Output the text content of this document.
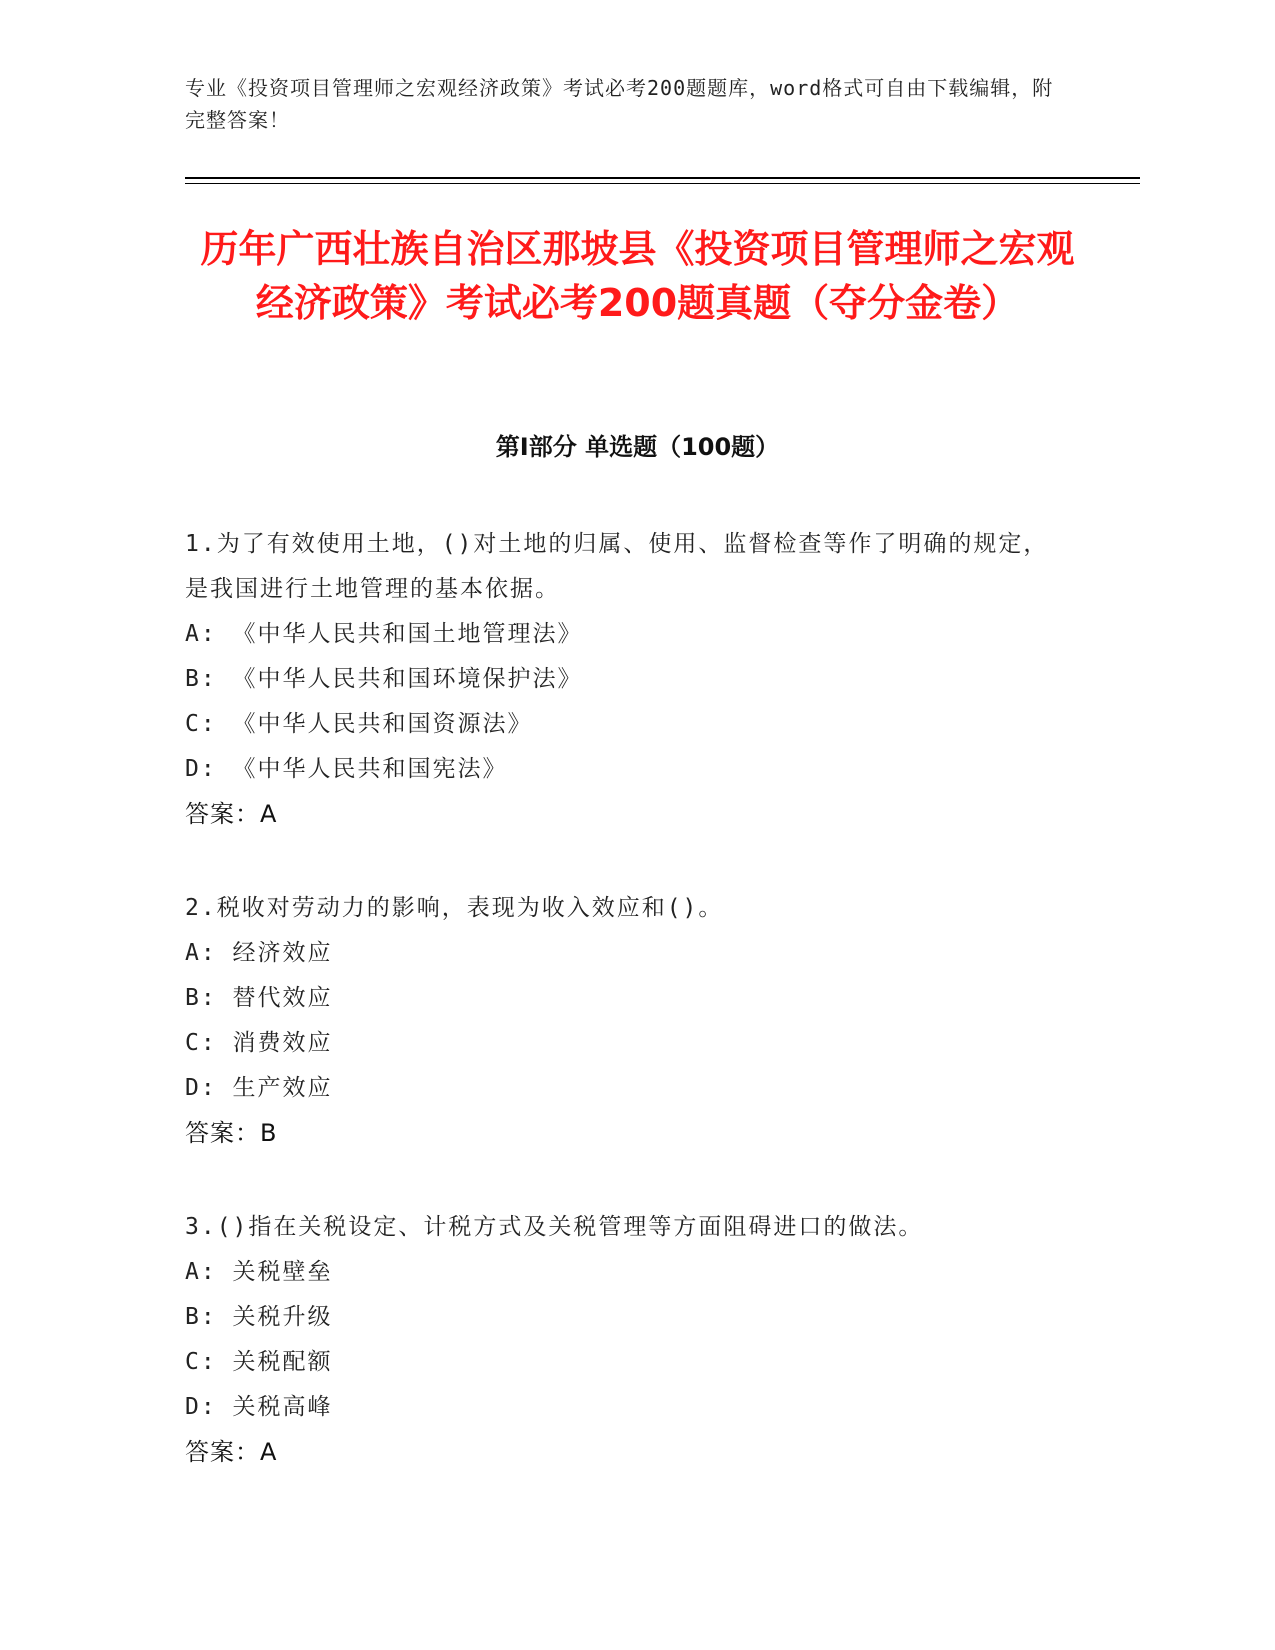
专业《投资项目管理师之宏观经济政策》考试必考200题题库，word格式可自由下载编辑，附完整答案！
历年广西壮族自治区那坡县《投资项目管理师之宏观经济政策》考试必考200题真题（夺分金卷）
第I部分 单选题（100题）
1.为了有效使用土地，()对土地的归属、使用、监督检查等作了明确的规定，是我国进行土地管理的基本依据。
A: 《中华人民共和国土地管理法》
B: 《中华人民共和国环境保护法》
C: 《中华人民共和国资源法》
D: 《中华人民共和国宪法》
答案：A
2.税收对劳动力的影响，表现为收入效应和()。
A: 经济效应
B: 替代效应
C: 消费效应
D: 生产效应
答案：B
3.()指在关税设定、计税方式及关税管理等方面阻碍进口的做法。
A: 关税壁垒
B: 关税升级
C: 关税配额
D: 关税高峰
答案：A
